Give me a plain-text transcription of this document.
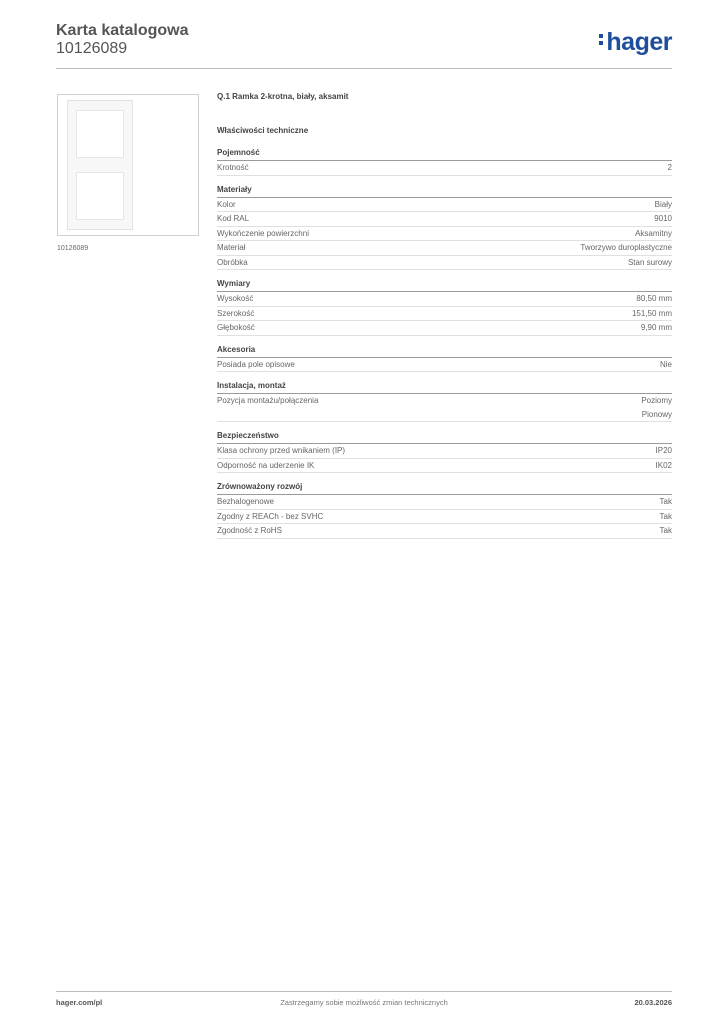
Karta katalogowa
10126089	hager
10126089
Q.1 Ramka 2-krotna, biały, aksamit
Właściwości techniczne
Pojemność
Krotność	2
Materiały
Kolor	Biały
Kod RAL	9010
Wykończenie powierzchni	Aksamitny
Materiał	Tworzywo duroplastyczne
Obróbka	Stan surowy
Wymiary
Wysokość	80,50 mm
Szerokość	151,50 mm
Głębokość	9,90 mm
Akcesoria
Posiada pole opisowe	Nie
Instalacja, montaż
Pozycja montażu/połączenia	Poziomy
Pionowy
Bezpieczeństwo
Klasa ochrony przed wnikaniem (IP)	IP20
Odporność na uderzenie IK	IK02
Zrównoważony rozwój
Bezhalogenowe	Tak
Zgodny z REACh - bez SVHC	Tak
Zgodność z RoHS	Tak
hager.com/pl	Zastrzegamy sobie możliwość zmian technicznych	20.03.2026
